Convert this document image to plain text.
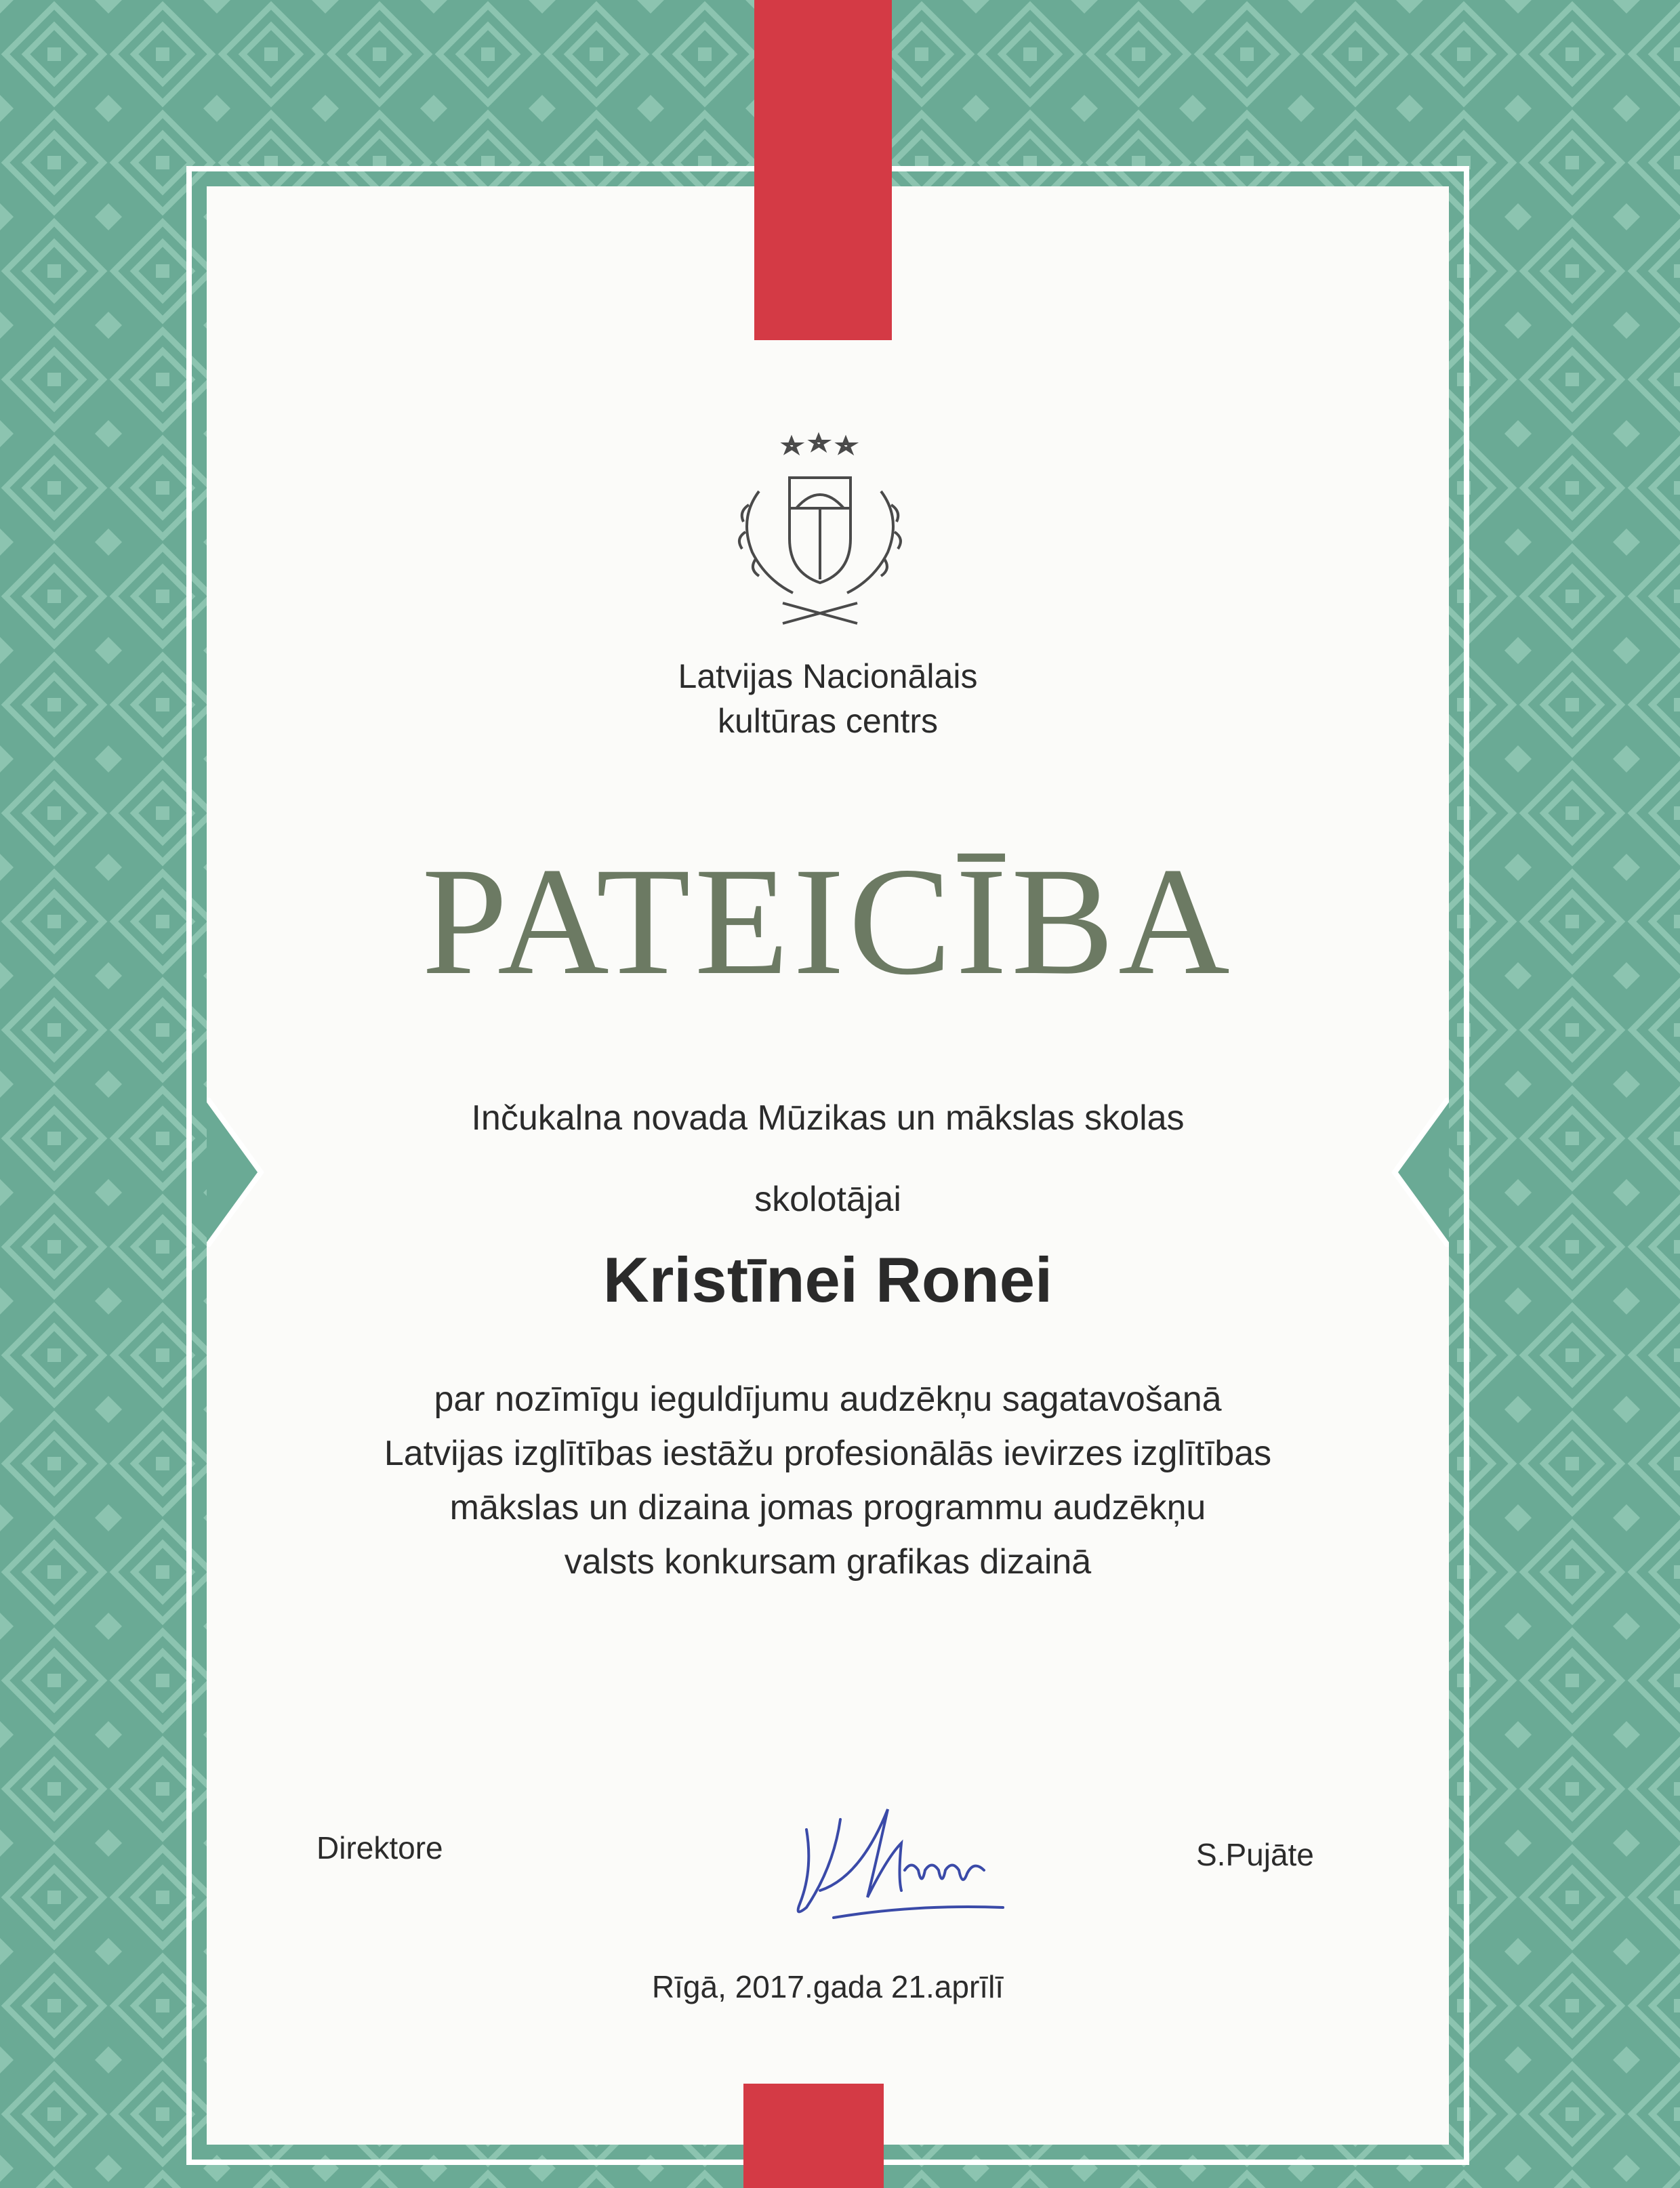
Latvijas Nacionālais
kultūras centrs
PATEICĪBA
Inčukalna novada Mūzikas un mākslas skolas
skolotājai
Kristīnei Ronei
par nozīmīgu ieguldījumu audzēkņu sagatavošanā
Latvijas izglītības iestāžu profesionālās ievirzes izglītības
mākslas un dizaina jomas programmu audzēkņu
valsts konkursam grafikas dizainā
Direktore	S.Pujāte
Rīgā, 2017.gada 21.aprīlī
